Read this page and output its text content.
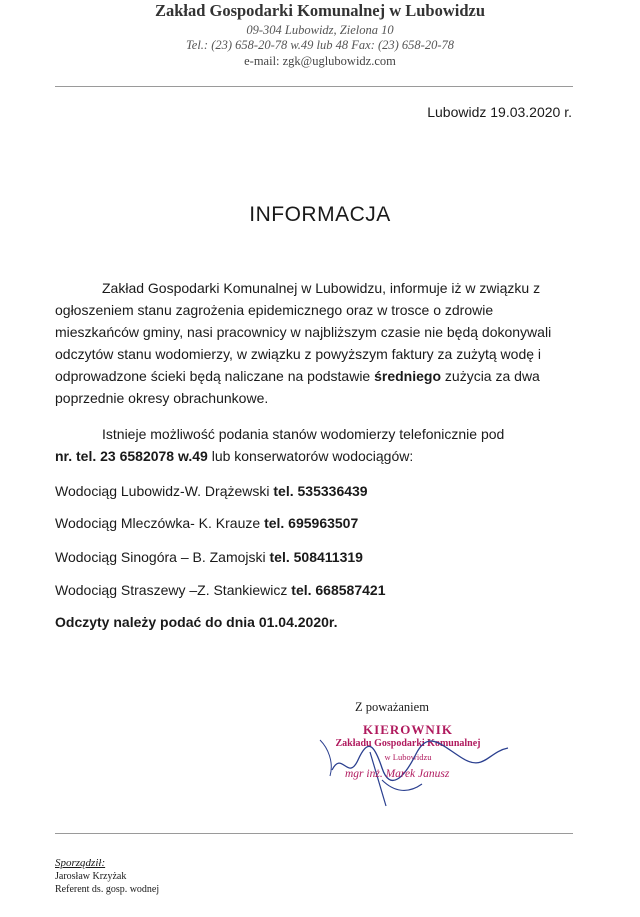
Zakład Gospodarki Komunalnej w Lubowidzu
09-304 Lubowidz, Zielona 10
Tel.: (23) 658-20-78 w.49 lub 48 Fax: (23) 658-20-78
e-mail: zgk@uglubowidz.com
Lubowidz 19.03.2020 r.
INFORMACJA
Zakład Gospodarki Komunalnej w Lubowidzu, informuje iż w związku z
ogłoszeniem stanu zagrożenia epidemicznego oraz w trosce o zdrowie
mieszkańców gminy, nasi pracownicy w najbliższym czasie nie będą dokonywali
odczytów stanu wodomierzy, w związku z powyższym faktury za zużytą wodę i
odprowadzone ścieki będą naliczane na podstawie średniego zużycia za dwa
poprzednie okresy obrachunkowe.
Istnieje możliwość podania stanów wodomierzy telefonicznie pod
nr. tel. 23 6582078 w.49 lub konserwatorów wodociągów:
Wodociąg Lubowidz-W. Drążewski tel. 535336439
Wodociąg Mleczówka- K. Krauze tel. 695963507
Wodociąg Sinogóra – B. Zamojski tel. 508411319
Wodociąg Straszewy –Z. Stankiewicz tel. 668587421
Odczyty należy podać do dnia 01.04.2020r.
Z poważaniem
KIEROWNIK
Zakładu Gospodarki Komunalnej
w Lubowidzu
mgr inż. Marek Janusz
Sporządził:
Jarosław Krzyżak
Referent ds. gosp. wodnej
